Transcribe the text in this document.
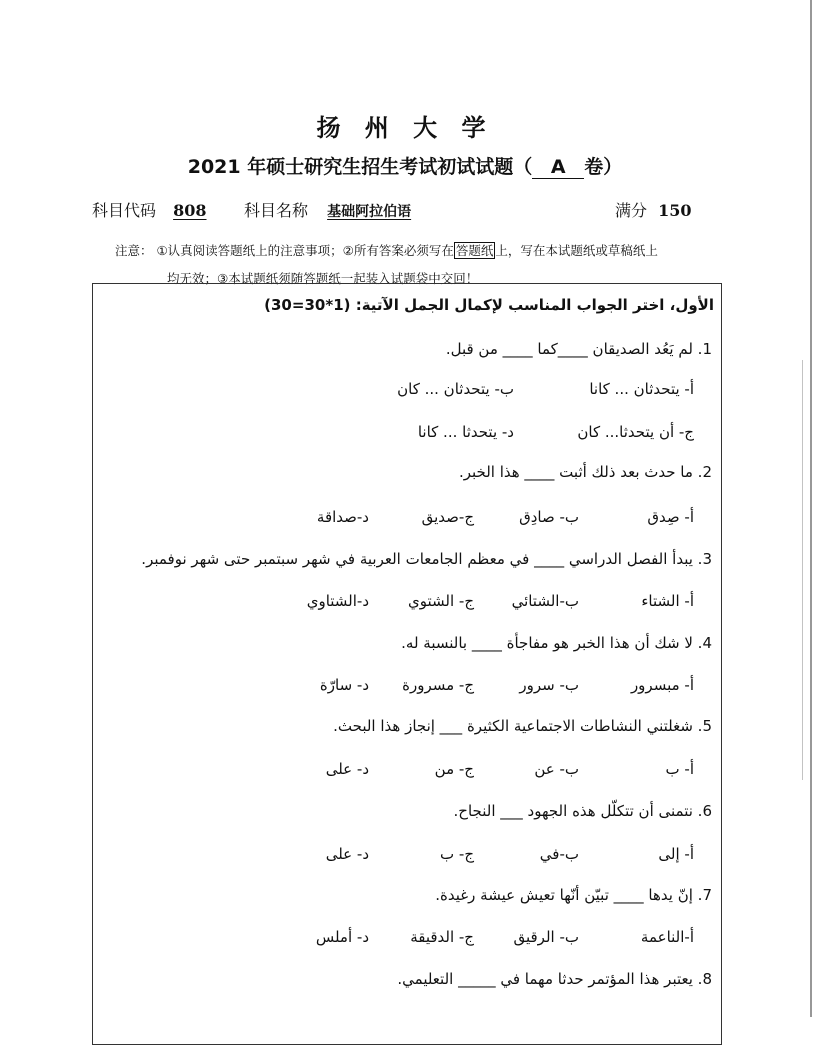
扬 州 大 学
2021 年硕士研究生招生考试初试试题（ A 卷）
科目代码 808 科目名称 基础阿拉伯语	满分 150
注意： ①认真阅读答题纸上的注意事项；②所有答案必须写在 答题纸 上，写在本试题纸或草稿纸上
均无效；③本试题纸须随答题纸一起装入试题袋中交回！
الأول، اختر الجواب المناسب لإكمال الجمل الآتية: (1*30=30)
1. لم يَعُد الصديقان ____كما ____ من قبل.
أ- يتحدثان ... كانا
ب- يتحدثان ... كان
ج- أن يتحدثا... كان
د- يتحدثا ... كانا
2. ما حدث بعد ذلك أثبت ____ هذا الخبر.
أ- صِدق
ب- صادِق
ج-صديق
د-صداقة
3. يبدأ الفصل الدراسي ____ في معظم الجامعات العربية في شهر سبتمبر حتى شهر نوفمبر.
أ- الشتاء
ب-الشتائي
ج- الشتوي
د-الشتاوي
4. لا شك أن هذا الخبر هو مفاجأة ____ بالنسبة له.
أ- مبسرور
ب- سرور
ج- مسرورة
د- سارّة
5. شغلتني النشاطات الاجتماعية الكثيرة ___ إنجاز هذا البحث.
أ- ب
ب- عن
ج- من
د- على
6. نتمنى أن تتكلّل هذه الجهود ___ النجاح.
أ- إلى
ب-في
ج- ب
د- على
7. إنّ يدها ____ تبيّن أنّها تعيش عيشة رغيدة.
أ-الناعمة
ب- الرقيق
ج- الدقيقة
د- أملس
8. يعتبر هذا المؤتمر حدثا مهما في _____ التعليمي.
